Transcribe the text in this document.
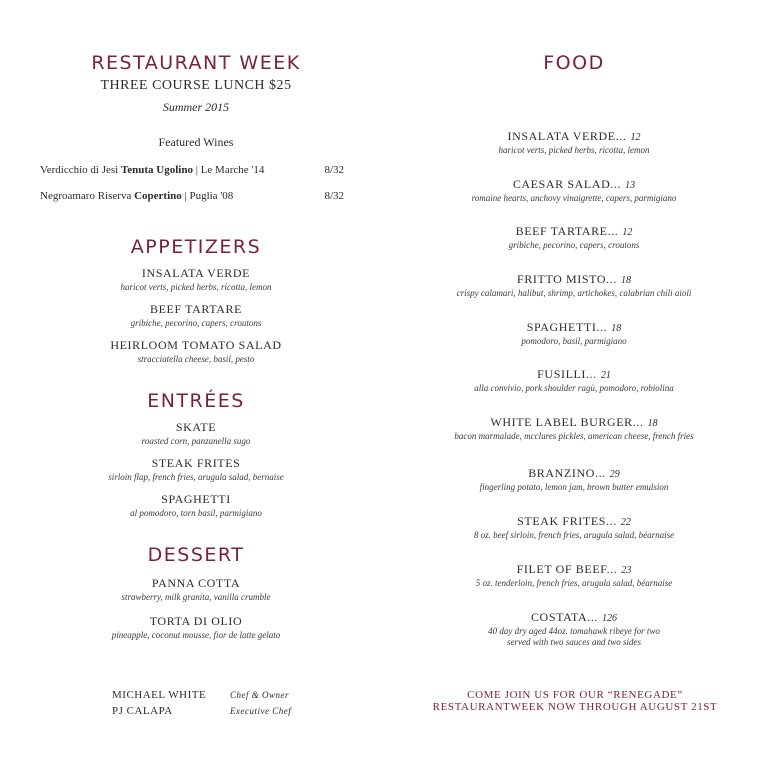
RESTAURANT WEEK
THREE COURSE LUNCH $25
Summer 2015
Featured Wines
Verdicchio di Jesi Tenuta Ugolino | Le Marche '14	8/32
Negroamaro Riserva Copertino | Puglia '08	8/32
APPETIZERS
INSALATA VERDE
haricot verts, picked herbs, ricotta, lemon
BEEF TARTARE
gribiche, pecorino, capers, croutons
HEIRLOOM TOMATO SALAD
stracciatella cheese, basil, pesto
ENTRÉES
SKATE
roasted corn, panzanella sugo
STEAK FRITES
sirloin flap, french fries, arugula salad, bernaise
SPAGHETTI
al pomodoro, torn basil, parmigiano
DESSERT
PANNA COTTA
strawberry, milk granita, vanilla crumble
TORTA DI OLIO
pineapple, coconut mousse, fior de latte gelato
MICHAEL WHITE	Chef & Owner
PJ CALAPA	Executive Chef
FOOD
INSALATA VERDE... 12
haricot verts, picked herbs, ricotta, lemon
CAESAR SALAD... 13
romaine hearts, anchovy vinaigrette, capers, parmigiano
BEEF TARTARE... 12
gribiche, pecorino, capers, croutons
FRITTO MISTO... 18
crispy calamari, halibut, shrimp, artichokes, calabrian chili aioli
SPAGHETTI... 18
pomodoro, basil, parmigiano
FUSILLI... 21
alla convivio, pork shoulder ragù, pomodoro, robiolina
WHITE LABEL BURGER... 18
bacon marmalade, mcclures pickles, american cheese, french fries
BRANZINO... 29
fingerling potato, lemon jam, brown butter emulsion
STEAK FRITES... 22
8 oz. beef sirloin, french fries, arugula salad, béarnaise
FILET OF BEEF... 23
5 oz. tenderloin, french fries, arugula salad, béarnaise
COSTATA... 126
40 day dry aged 44oz. tomahawk ribeye for two
served with two sauces and two sides
COME JOIN US FOR OUR “RENEGADE”
RESTAURANTWEEK NOW THROUGH AUGUST 21ST
